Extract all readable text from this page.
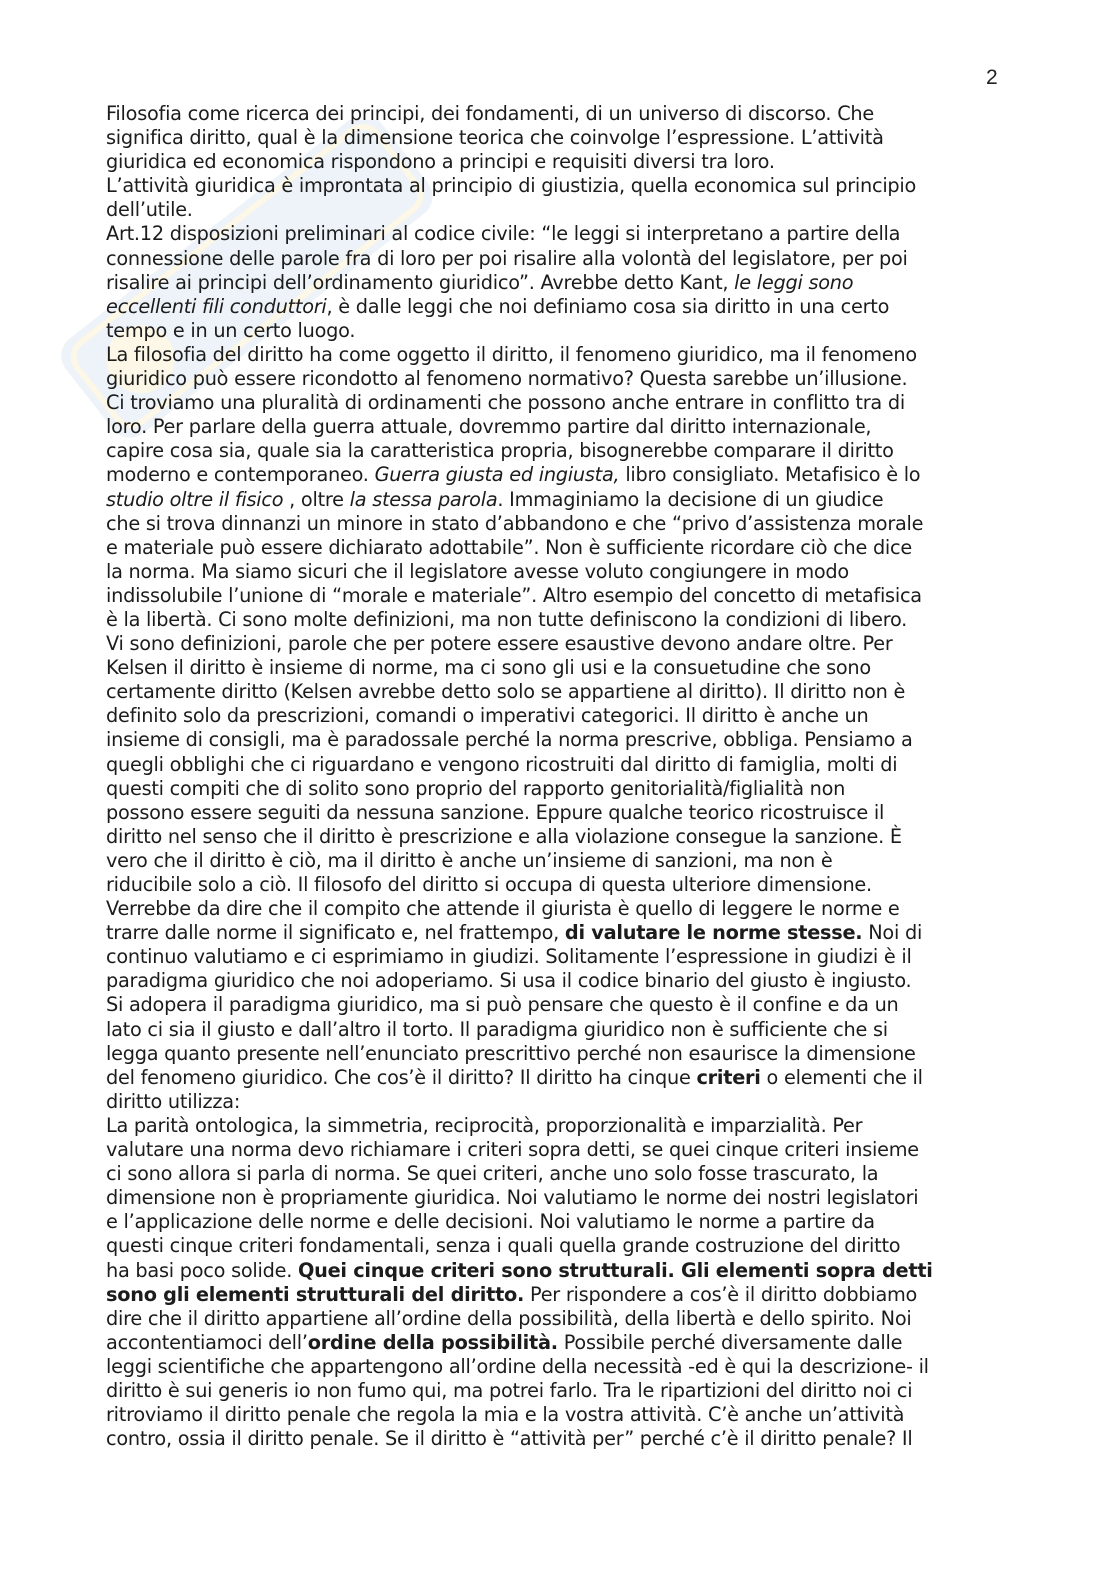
2

Filosofia come ricerca dei principi, dei fondamenti, di un universo di discorso. Che

significa diritto, qual è la dimensione teorica che coinvolge l’espressione. L’attività

giuridica ed economica rispondono a principi e requisiti diversi tra loro.

L’attività giuridica è improntata al principio di giustizia, quella economica sul principio

dell’utile.

Art.12 disposizioni preliminari al codice civile: “le leggi si interpretano a partire della

connessione delle parole fra di loro per poi risalire alla volontà del legislatore, per poi

risalire ai principi dell’ordinamento giuridico”. Avrebbe detto Kant, le leggi sono

eccellenti fili conduttori, è dalle leggi che noi definiamo cosa sia diritto in una certo

tempo e in un certo luogo.

La filosofia del diritto ha come oggetto il diritto, il fenomeno giuridico, ma il fenomeno

giuridico può essere ricondotto al fenomeno normativo? Questa sarebbe un’illusione.

Ci troviamo una pluralità di ordinamenti che possono anche entrare in conflitto tra di

loro. Per parlare della guerra attuale, dovremmo partire dal diritto internazionale,

capire cosa sia, quale sia la caratteristica propria, bisognerebbe comparare il diritto

moderno e contemporaneo. Guerra giusta ed ingiusta, libro consigliato. Metafisico è lo

studio oltre il fisico , oltre la stessa parola. Immaginiamo la decisione di un giudice

che si trova dinnanzi un minore in stato d’abbandono e che “privo d’assistenza morale

e materiale può essere dichiarato adottabile”. Non è sufficiente ricordare ciò che dice

la norma. Ma siamo sicuri che il legislatore avesse voluto congiungere in modo

indissolubile l’unione di “morale e materiale”. Altro esempio del concetto di metafisica

è la libertà. Ci sono molte definizioni, ma non tutte definiscono la condizioni di libero.

Vi sono definizioni, parole che per potere essere esaustive devono andare oltre. Per

Kelsen il diritto è insieme di norme, ma ci sono gli usi e la consuetudine che sono

certamente diritto (Kelsen avrebbe detto solo se appartiene al diritto). Il diritto non è

definito solo da prescrizioni, comandi o imperativi categorici. Il diritto è anche un

insieme di consigli, ma è paradossale perché la norma prescrive, obbliga. Pensiamo a

quegli obblighi che ci riguardano e vengono ricostruiti dal diritto di famiglia, molti di

questi compiti che di solito sono proprio del rapporto genitorialità/figlialità non

possono essere seguiti da nessuna sanzione. Eppure qualche teorico ricostruisce il

diritto nel senso che il diritto è prescrizione e alla violazione consegue la sanzione. È

vero che il diritto è ciò, ma il diritto è anche un’insieme di sanzioni, ma non è

riducibile solo a ciò. Il filosofo del diritto si occupa di questa ulteriore dimensione.

Verrebbe da dire che il compito che attende il giurista è quello di leggere le norme e

trarre dalle norme il significato e, nel frattempo, di valutare le norme stesse. Noi di

continuo valutiamo e ci esprimiamo in giudizi. Solitamente l’espressione in giudizi è il

paradigma giuridico che noi adoperiamo. Si usa il codice binario del giusto è ingiusto.

Si adopera il paradigma giuridico, ma si può pensare che questo è il confine e da un

lato ci sia il giusto e dall’altro il torto. Il paradigma giuridico non è sufficiente che si

legga quanto presente nell’enunciato prescrittivo perché non esaurisce la dimensione

del fenomeno giuridico. Che cos’è il diritto? Il diritto ha cinque criteri o elementi che il

diritto utilizza:

La parità ontologica, la simmetria, reciprocità, proporzionalità e imparzialità. Per

valutare una norma devo richiamare i criteri sopra detti, se quei cinque criteri insieme

ci sono allora si parla di norma. Se quei criteri, anche uno solo fosse trascurato, la

dimensione non è propriamente giuridica. Noi valutiamo le norme dei nostri legislatori

e l’applicazione delle norme e delle decisioni. Noi valutiamo le norme a partire da

questi cinque criteri fondamentali, senza i quali quella grande costruzione del diritto

ha basi poco solide. Quei cinque criteri sono strutturali. Gli elementi sopra detti

sono gli elementi strutturali del diritto. Per rispondere a cos’è il diritto dobbiamo

dire che il diritto appartiene all’ordine della possibilità, della libertà e dello spirito. Noi

accontentiamoci dell’ordine della possibilità. Possibile perché diversamente dalle

leggi scientifiche che appartengono all’ordine della necessità -ed è qui la descrizione- il

diritto è sui generis io non fumo qui, ma potrei farlo. Tra le ripartizioni del diritto noi ci

ritroviamo il diritto penale che regola la mia e la vostra attività. C’è anche un’attività

contro, ossia il diritto penale. Se il diritto è “attività per” perché c’è il diritto penale? Il
